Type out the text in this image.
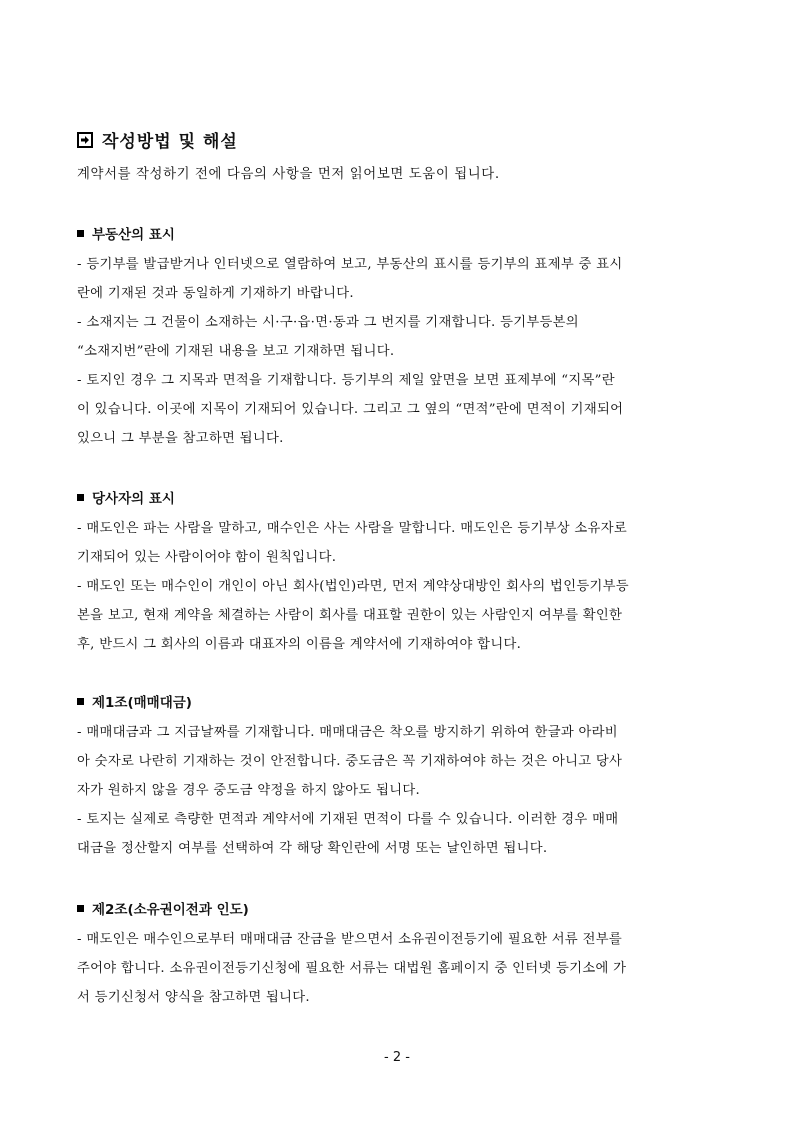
작성방법 및 해설
계약서를 작성하기 전에 다음의 사항을 먼저 읽어보면 도움이 됩니다.
부동산의 표시
- 등기부를 발급받거나 인터넷으로 열람하여 보고, 부동산의 표시를 등기부의 표제부 중 표시
란에 기재된 것과 동일하게 기재하기 바랍니다.
- 소재지는 그 건물이 소재하는 시·구·읍·면·동과 그 번지를 기재합니다. 등기부등본의
“소재지번”란에 기재된 내용을 보고 기재하면 됩니다.
- 토지인 경우 그 지목과 면적을 기재합니다. 등기부의 제일 앞면을 보면 표제부에 “지목”란
이 있습니다. 이곳에 지목이 기재되어 있습니다. 그리고 그 옆의 “면적”란에 면적이 기재되어
있으니 그 부분을 참고하면 됩니다.
당사자의 표시
- 매도인은 파는 사람을 말하고, 매수인은 사는 사람을 말합니다. 매도인은 등기부상 소유자로
기재되어 있는 사람이어야 함이 원칙입니다.
- 매도인 또는 매수인이 개인이 아닌 회사(법인)라면, 먼저 계약상대방인 회사의 법인등기부등
본을 보고, 현재 계약을 체결하는 사람이 회사를 대표할 권한이 있는 사람인지 여부를 확인한
후, 반드시 그 회사의 이름과 대표자의 이름을 계약서에 기재하여야 합니다.
제1조(매매대금)
- 매매대금과 그 지급날짜를 기재합니다. 매매대금은 착오를 방지하기 위하여 한글과 아라비
아 숫자로 나란히 기재하는 것이 안전합니다. 중도금은 꼭 기재하여야 하는 것은 아니고 당사
자가 원하지 않을 경우 중도금 약정을 하지 않아도 됩니다.
- 토지는 실제로 측량한 면적과 계약서에 기재된 면적이 다를 수 있습니다. 이러한 경우 매매
대금을 정산할지 여부를 선택하여 각 해당 확인란에 서명 또는 날인하면 됩니다.
제2조(소유권이전과 인도)
- 매도인은 매수인으로부터 매매대금 잔금을 받으면서 소유권이전등기에 필요한 서류 전부를
주어야 합니다. 소유권이전등기신청에 필요한 서류는 대법원 홈페이지 중 인터넷 등기소에 가
서 등기신청서 양식을 참고하면 됩니다.
- 2 -
